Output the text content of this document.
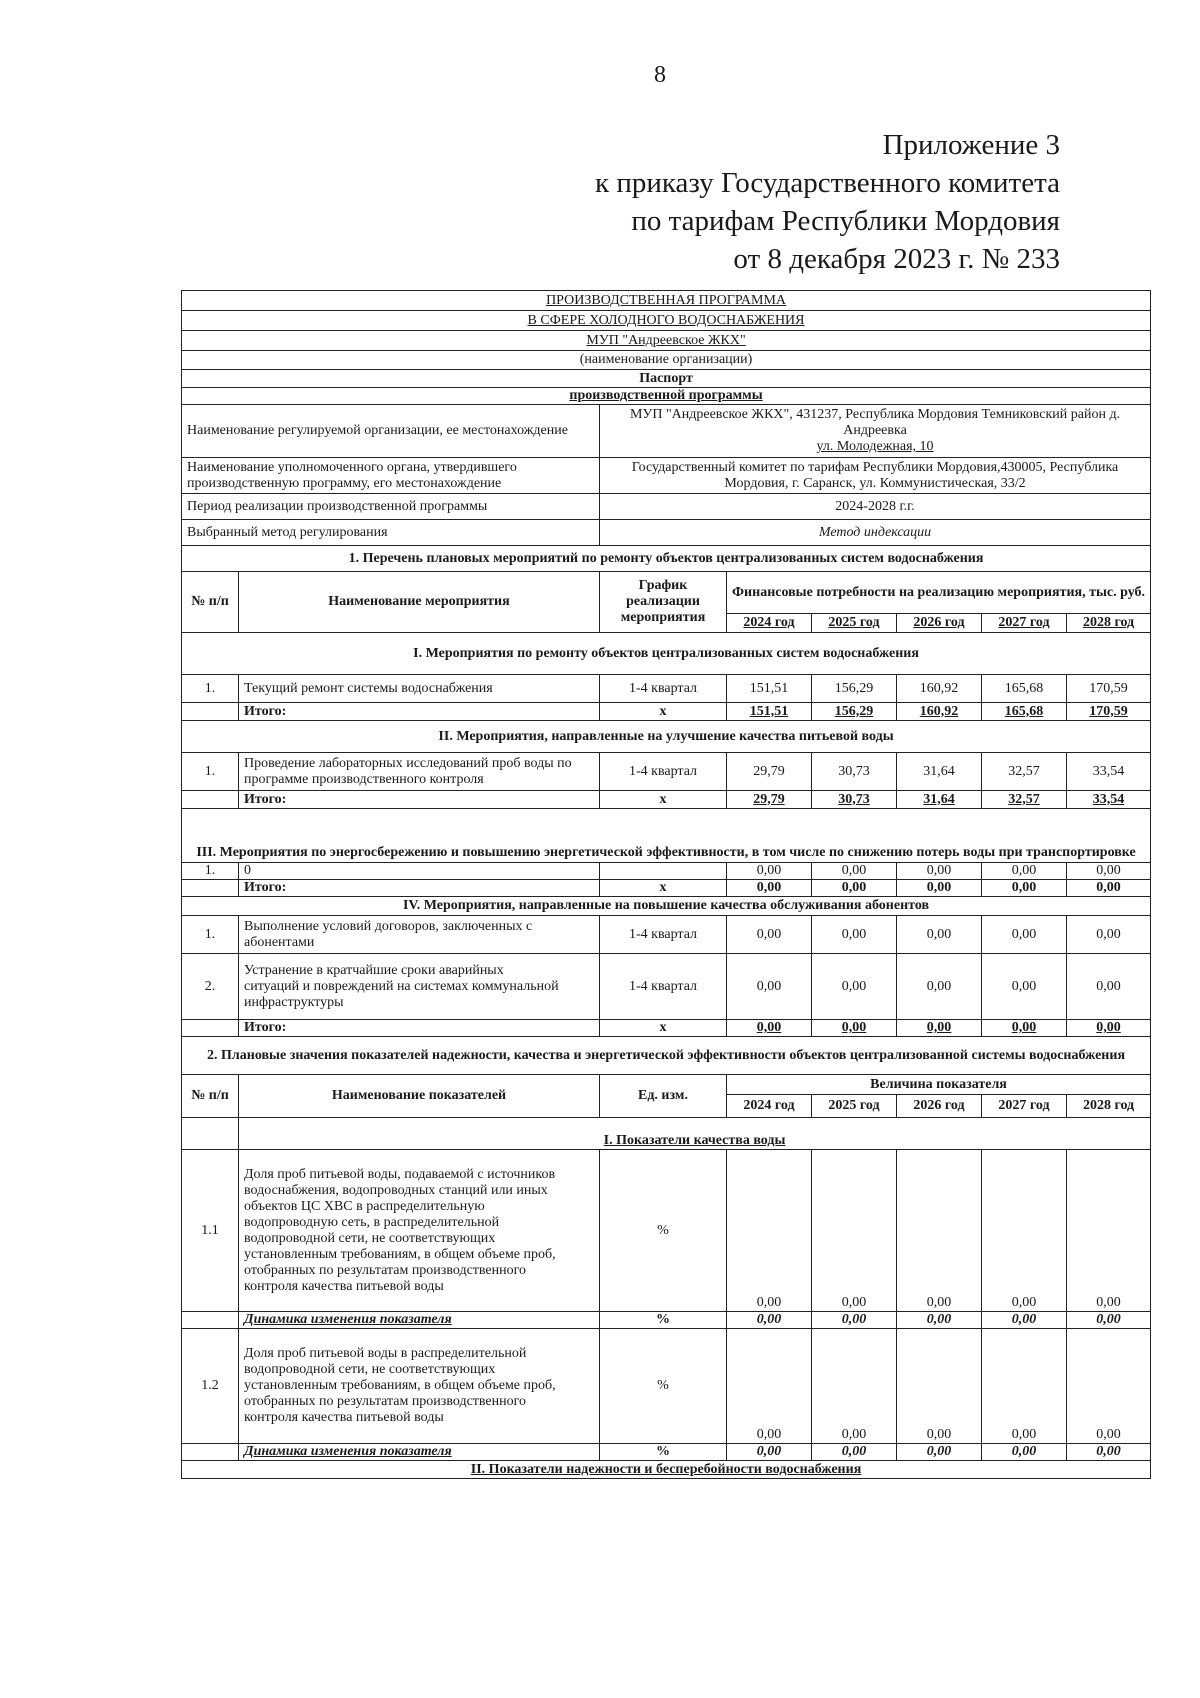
8
Приложение 3
к приказу Государственного комитета
по тарифам Республики Мордовия
от 8 декабря 2023 г. № 233
ПРОИЗВОДСТВЕННАЯ ПРОГРАММА							
В СФЕРЕ ХОЛОДНОГО ВОДОСНАБЖЕНИЯ							
МУП "Андреевское ЖКХ"							
(наименование организации)							
Паспорт							
производственной программы							
Наименование регулируемой организации, ее местонахождение		МУП "Андреевское ЖКХ", 431237, Республика Мордовия Темниковский район д. Андреевка
ул. Молодежная, 10					

Наименование уполномоченного органа, утвердившего производственную программу, его местонахождение		Государственный комитет по тарифам Республики Мордовия,430005, Республика Мордовия, г. Саранск, ул. Коммунистическая, 33/2					
Период реализации производственной программы		2024-2028 г.г.					
Выбранный метод регулирования		Метод индексации					
1. Перечень плановых мероприятий по ремонту объектов централизованных систем водоснабжения							
№ п/п	Наименование мероприятия	График реализации мероприятия	Финансовые потребности на реализацию мероприятия, тыс. руб.				
			2024 год	2025 год	2026 год	2027 год	2028 год
I. Мероприятия по ремонту объектов централизованных систем водоснабжения							
1.	Текущий ремонт системы водоснабжения	1-4 квартал	151,51	156,29	160,92	165,68	170,59
	Итого:	х	151,51	156,29	160,92	165,68	170,59
II. Мероприятия, направленные на улучшение качества питьевой воды							
1.	Проведение лабораторных исследований проб воды по программе производственного контроля	1-4 квартал	29,79	30,73	31,64	32,57	33,54
	Итого:	х	29,79	30,73	31,64	32,57	33,54
III. Мероприятия по энергосбережению и повышению энергетической эффективности, в том числе по снижению потерь воды при транспортировке							
1.	0		0,00	0,00	0,00	0,00	0,00
	Итого:	х	0,00	0,00	0,00	0,00	0,00
IV. Мероприятия, направленные на повышение качества обслуживания абонентов							
1.	Выполнение условий договоров, заключенных с абонентами	1-4 квартал	0,00	0,00	0,00	0,00	0,00
2.	Устранение в кратчайшие сроки аварийных ситуаций и повреждений на системах коммунальной инфраструктуры	1-4 квартал	0,00	0,00	0,00	0,00	0,00
	Итого:	х	0,00	0,00	0,00	0,00	0,00
2. Плановые значения показателей надежности, качества и энергетической эффективности объектов централизованной системы водоснабжения							
№ п/п	Наименование показателей	Ед. изм.	Величина показателя				
			2024 год	2025 год	2026 год	2027 год	2028 год
	I. Показатели качества воды						
1.1	Доля проб питьевой воды, подаваемой с источников водоснабжения, водопроводных станций или иных объектов ЦС ХВС в распределительную водопроводную сеть, в распределительной водопроводной сети, не соответствующих установленным требованиям, в общем объеме проб, отобранных по результатам производственного контроля качества питьевой воды	%	0,00	0,00	0,00	0,00	0,00
	Динамика изменения показателя	%	0,00	0,00	0,00	0,00	0,00
1.2	Доля проб питьевой воды в распределительной водопроводной сети, не соответствующих установленным требованиям, в общем объеме проб, отобранных по результатам производственного контроля качества питьевой воды	%	0,00	0,00	0,00	0,00	0,00
	Динамика изменения показателя	%	0,00	0,00	0,00	0,00	0,00
II. Показатели надежности и бесперебойности водоснабжения							
